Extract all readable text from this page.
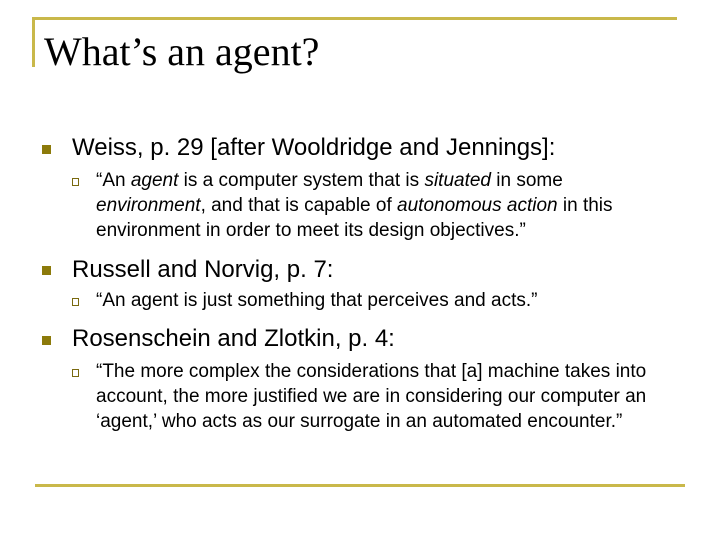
What’s an agent?
Weiss, p. 29 [after Wooldridge and Jennings]:
“An agent is a computer system that is situated in some environment, and that is capable of autonomous action in this environment in order to meet its design objectives.”
Russell and Norvig, p. 7:
“An agent is just something that perceives and acts.”
Rosenschein and Zlotkin, p. 4:
“The more complex the considerations that [a] machine takes into account, the more justified we are in considering our computer an ‘agent,’ who acts as our surrogate in an automated encounter.”
